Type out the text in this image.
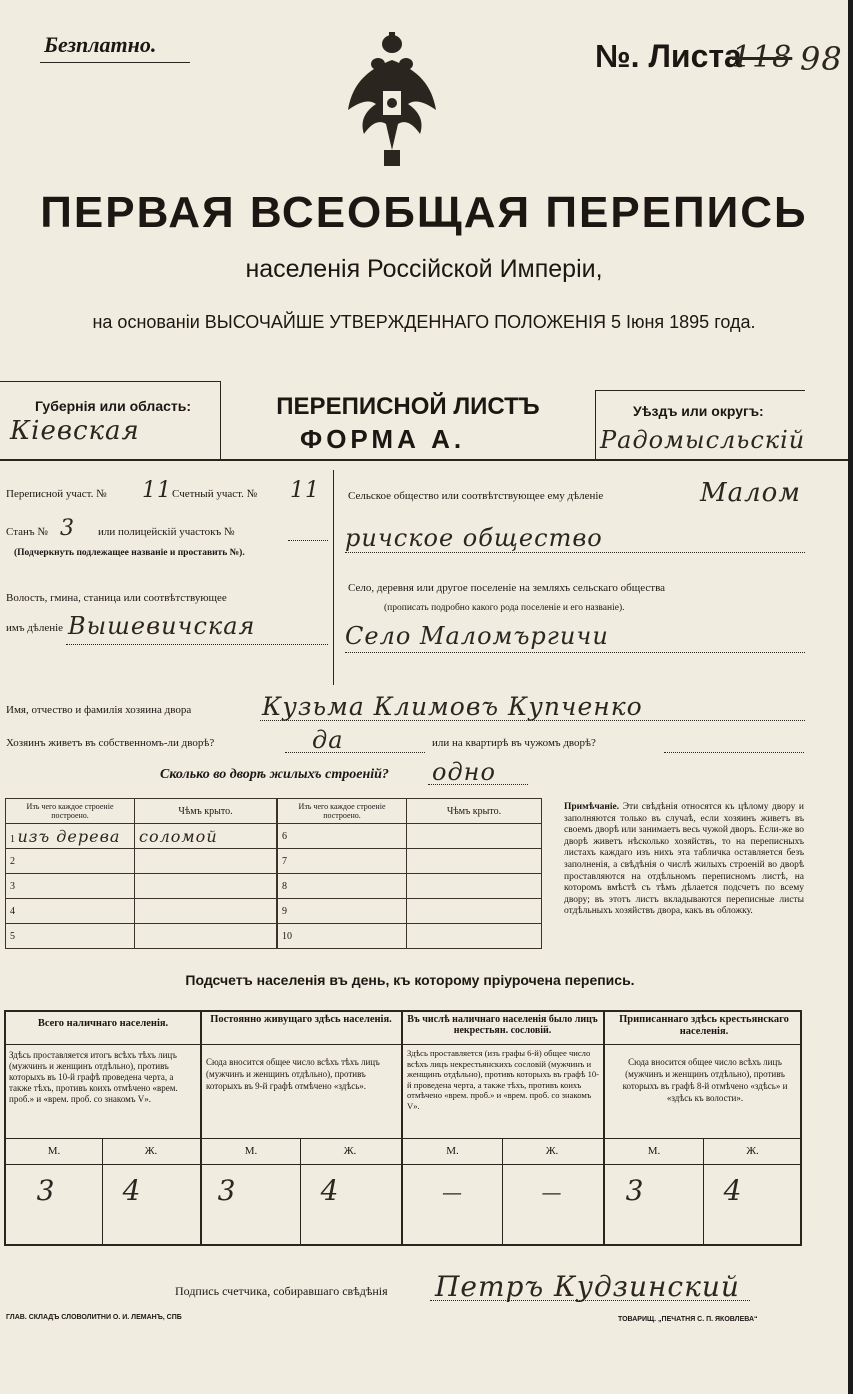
Безплатно.	№. Листа
118 98
ПЕРВАЯ ВСЕОБЩАЯ ПЕРЕПИСЬ
населенія Россійской Имперіи,
на основаніи ВЫСОЧАЙШЕ УТВЕРЖДЕННАГО ПОЛОЖЕНІЯ 5 Іюня 1895 года.
Губернія или область:
Кіевская
ПЕРЕПИСНОЙ ЛИСТЪ
ФОРМА А.
Уѣздъ или округъ:
Радомысльскій
Переписной участ. № 11 Счетный участ. № 11
Станъ № 3 или полицейскій участокъ №
(Подчеркнуть подлежащее названіе и проставить №).
Волость, гмина, станица или соотвѣтствующее
имъ дѣленіе Вышевичская
Сельское общество или соотвѣтствующее ему дѣленіе	Малом
ричское общество
Село, деревня или другое поселеніе на земляхъ сельскаго общества
(прописать подробно какого рода поселеніе и его названіе).
Село Маломъргичи
Имя, отчество и фамилія хозяина двора	Кузьма Климовъ Купченко
Хозяинъ живетъ въ собственномъ-ли дворѣ?	да	или на квартирѣ въ чужомъ дворѣ?
Сколько во дворѣ жилыхъ строеній? одно
Изъ чего каждое строеніе построено.	Чѣмъ крыто.
1 изъ дерева	соломой
2	
3	
4	
5	
Изъ чего каждое строеніе построено.	Чѣмъ крыто.
6	
7	
8	
9	
10	
Примѣчаніе. Эти свѣдѣнія относятся къ цѣлому двору и заполняются только въ случаѣ, если хозяинъ живетъ въ своемъ дворѣ или занимаетъ весь чужой дворъ. Если-же во дворѣ живетъ нѣсколько хозяйствъ, то на переписныхъ листахъ каждаго изъ нихъ эта табличка оставляется безъ заполненія, а свѣдѣнія о числѣ жилыхъ строеній во дворѣ проставляются на отдѣльномъ переписномъ листѣ, на которомъ вмѣстѣ съ тѣмъ дѣлается подсчетъ по всему двору; въ этотъ листъ вкладываются переписные листы отдѣльныхъ хозяйствъ двора, какъ въ обложку.
Подсчетъ населенія въ день, къ которому пріурочена перепись.
Всего наличнаго населенія.
Здѣсь проставляется итогъ всѣхъ тѣхъ лицъ (мужчинъ и женщинъ отдѣльно), противъ которыхъ въ 10-й графѣ проведена черта, а также тѣхъ, противъ коихъ отмѣчено «врем. проб.» и «врем. проб. со знакомъ V».
М.	Ж.
3	4
Постоянно живущаго здѣсь населенія.
Сюда вносится общее число всѣхъ тѣхъ лицъ (мужчинъ и женщинъ отдѣльно), противъ которыхъ въ 9-й графѣ отмѣчено «здѣсь».
М.	Ж.
3	4
Въ числѣ наличнаго населенія было лицъ некрестьян. сословій.
Здѣсь проставляется (изъ графы 6-й) общее число всѣхъ лицъ некрестьянскихъ сословій (мужчинъ и женщинъ отдѣльно), противъ которыхъ въ графѣ 10-й проведена черта, а также тѣхъ, противъ коихъ отмѣчено «врем. проб.» и «врем. проб. со знакомъ V».
М.	Ж.
—	—
Приписаннаго здѣсь крестьянскаго населенія.
Сюда вносится общее число всѣхъ лицъ (мужчинъ и женщинъ отдѣльно), противъ которыхъ въ графѣ 8-й отмѣчено «здѣсь» и «здѣсь къ волости».
М.	Ж.
3	4
Подпись счетчика, собиравшаго свѣдѣнія Петръ Кудзинский
ГЛАВ. СКЛАДЪ СЛОВОЛИТНИ О. И. ЛЕМАНЪ, СПБ	ТОВАРИЩ. „ПЕЧАТНЯ С. П. ЯКОВЛЕВА“
